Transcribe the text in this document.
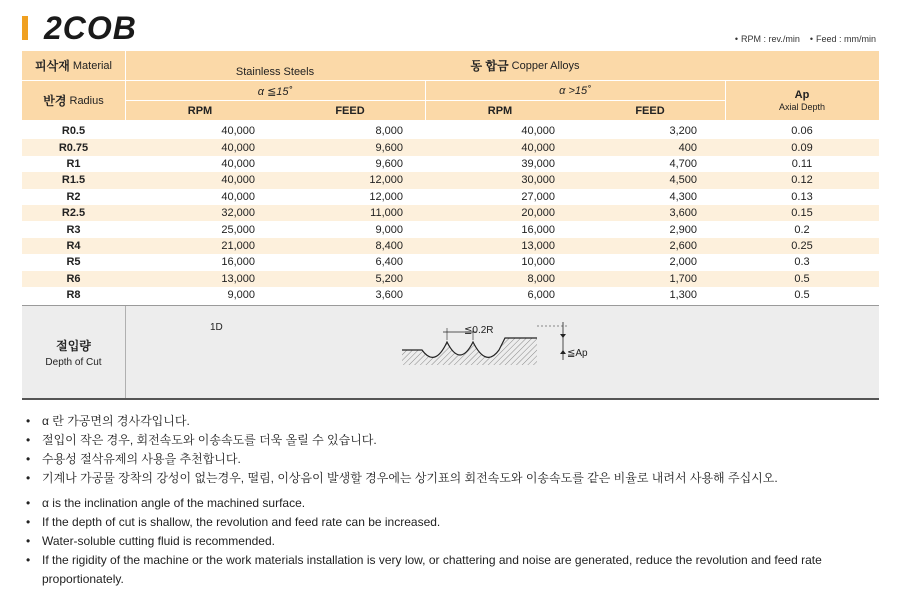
2COB	• RPM : rev./min	• Feed : mm/min
피삭재
Material	Stainless Steels	동 합금
Copper Alloys
반경
Radius
α ≦15˚
RPM	FEED
α >15˚
RPM	FEED
Ap
Axial Depth
R0.5	40,000	8,000	40,000	3,200	0.06
R0.75	40,000	9,600	40,000	400	0.09
R1	40,000	9,600	39,000	4,700	0.11
R1.5	40,000	12,000	30,000	4,500	0.12
R2	40,000	12,000	27,000	4,300	0.13
R2.5	32,000	11,000	20,000	3,600	0.15
R3	25,000	9,000	16,000	2,900	0.2
R4	21,000	8,400	13,000	2,600	0.25
R5	16,000	6,400	10,000	2,000	0.3
R6	13,000	5,200	8,000	1,700	0.5
R8	9,000	3,600	6,000	1,300	0.5
절입량
Depth of Cut
1D	≦0.2R
≦Ap
• α 란 가공면의 경사각입니다.
• 절입이 작은 경우, 회전속도와 이송속도를 더욱 올릴 수 있습니다.
• 수용성 절삭유제의 사용을 추천합니다.
• 기계나 가공물 장착의 강성이 없는경우, 떨림, 이상음이 발생할 경우에는 상기표의 회전속도와 이송속도를 같은 비율로 내려서 사용해 주십시오.
• α is the inclination angle of the machined surface.
• If the depth of cut is shallow, the revolution and feed rate can be increased.
• Water-soluble cutting fluid is recommended.
• If the rigidity of the machine or the work materials installation is very low, or chattering and noise are generated, reduce the revolution and feed rate proportionately.
